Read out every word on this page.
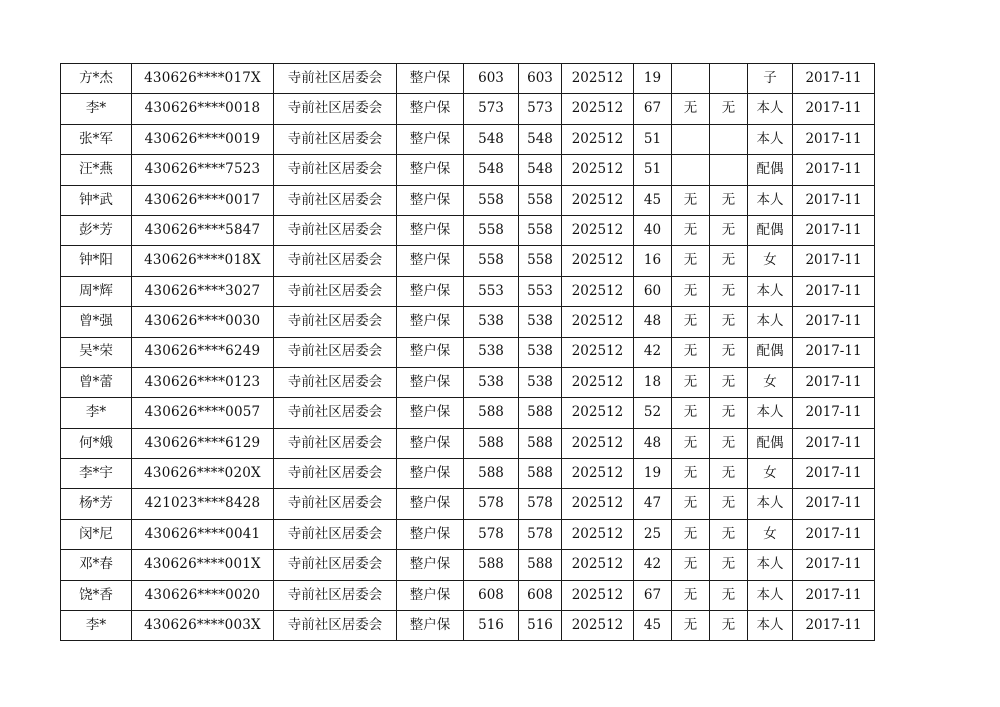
方*杰	430626****017X	寺前社区居委会	整户保	603	603	202512	19			子	2017-11
李*	430626****0018	寺前社区居委会	整户保	573	573	202512	67	无	无	本人	2017-11
张*军	430626****0019	寺前社区居委会	整户保	548	548	202512	51			本人	2017-11
汪*燕	430626****7523	寺前社区居委会	整户保	548	548	202512	51			配偶	2017-11
钟*武	430626****0017	寺前社区居委会	整户保	558	558	202512	45	无	无	本人	2017-11
彭*芳	430626****5847	寺前社区居委会	整户保	558	558	202512	40	无	无	配偶	2017-11
钟*阳	430626****018X	寺前社区居委会	整户保	558	558	202512	16	无	无	女	2017-11
周*辉	430626****3027	寺前社区居委会	整户保	553	553	202512	60	无	无	本人	2017-11
曾*强	430626****0030	寺前社区居委会	整户保	538	538	202512	48	无	无	本人	2017-11
吴*荣	430626****6249	寺前社区居委会	整户保	538	538	202512	42	无	无	配偶	2017-11
曾*蕾	430626****0123	寺前社区居委会	整户保	538	538	202512	18	无	无	女	2017-11
李*	430626****0057	寺前社区居委会	整户保	588	588	202512	52	无	无	本人	2017-11
何*娥	430626****6129	寺前社区居委会	整户保	588	588	202512	48	无	无	配偶	2017-11
李*宇	430626****020X	寺前社区居委会	整户保	588	588	202512	19	无	无	女	2017-11
杨*芳	421023****8428	寺前社区居委会	整户保	578	578	202512	47	无	无	本人	2017-11
闵*尼	430626****0041	寺前社区居委会	整户保	578	578	202512	25	无	无	女	2017-11
邓*春	430626****001X	寺前社区居委会	整户保	588	588	202512	42	无	无	本人	2017-11
饶*香	430626****0020	寺前社区居委会	整户保	608	608	202512	67	无	无	本人	2017-11
李*	430626****003X	寺前社区居委会	整户保	516	516	202512	45	无	无	本人	2017-11
